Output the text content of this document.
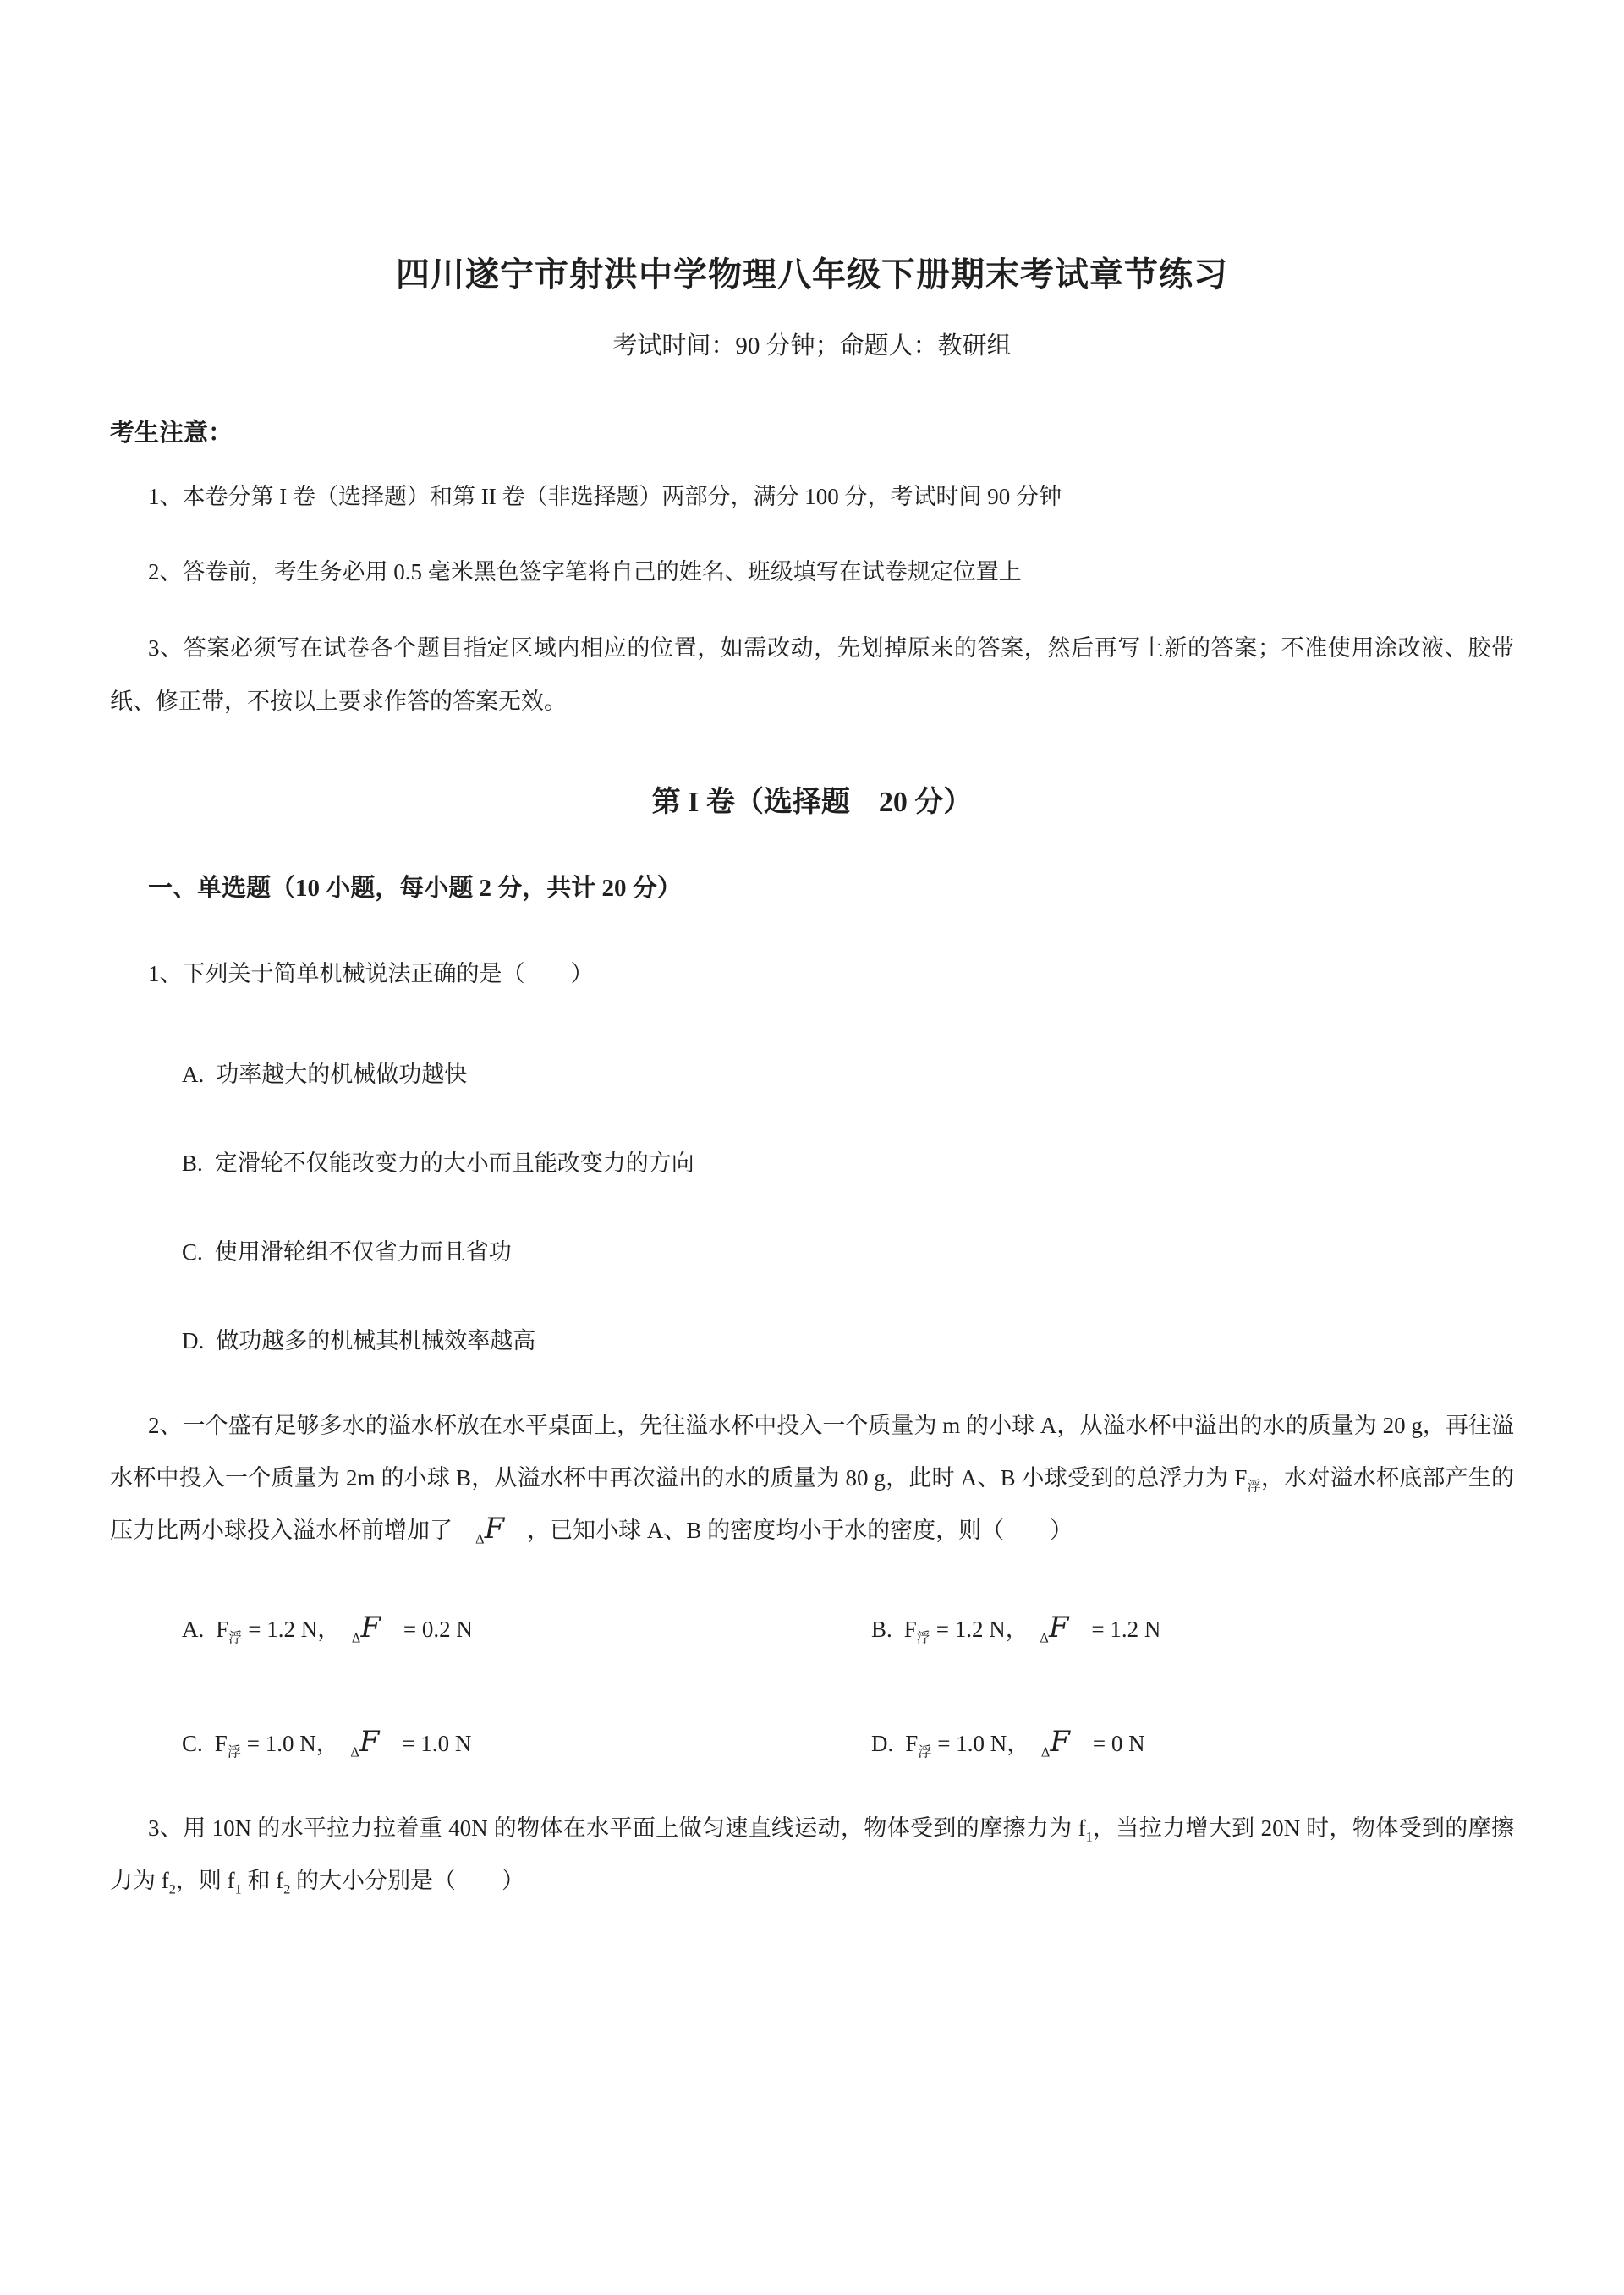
四川遂宁市射洪中学物理八年级下册期末考试章节练习
考试时间：90 分钟；命题人：教研组
考生注意：
1、本卷分第 I 卷（选择题）和第 II 卷（非选择题）两部分，满分 100 分，考试时间 90 分钟
2、答卷前，考生务必用 0.5 毫米黑色签字笔将自己的姓名、班级填写在试卷规定位置上
3、答案必须写在试卷各个题目指定区域内相应的位置，如需改动，先划掉原来的答案，然后再写上新的答案；不准使用涂改液、胶带纸、修正带，不按以上要求作答的答案无效。
第 I 卷（选择题　20 分）
一、单选题（10 小题，每小题 2 分，共计 20 分）
1、下列关于简单机械说法正确的是（　　）
A. 功率越大的机械做功越快
B. 定滑轮不仅能改变力的大小而且能改变力的方向
C. 使用滑轮组不仅省力而且省功
D. 做功越多的机械其机械效率越高
2、一个盛有足够多水的溢水杯放在水平桌面上，先往溢水杯中投入一个质量为 m 的小球 A，从溢水杯中溢出的水的质量为 20 g，再往溢水杯中投入一个质量为 2m 的小球 B，从溢水杯中再次溢出的水的质量为 80 g，此时 A、B 小球受到的总浮力为 $F_浮$，水对溢水杯底部产生的压力比两小球投入溢水杯前增加了　$_\Delta$F　，已知小球 A、B 的密度均小于水的密度，则（　　）
A. $F_浮 = 1.2$ N，　$_\Delta$F　= 0.2 N	B. $F_浮 = 1.2$ N，　$_\Delta$F　= 1.2 N
C. $F_浮 = 1.0$ N，　$_\Delta$F　= 1.0 N	D. $F_浮 = 1.0$ N，　$_\Delta$F　= 0 N
3、用 10N 的水平拉力拉着重 40N 的物体在水平面上做匀速直线运动，物体受到的摩擦力为 $f_1$，当拉力增大到 20N 时，物体受到的摩擦力为 $f_2$，则 $f_1$ 和 $f_2$ 的大小分别是（　　）
